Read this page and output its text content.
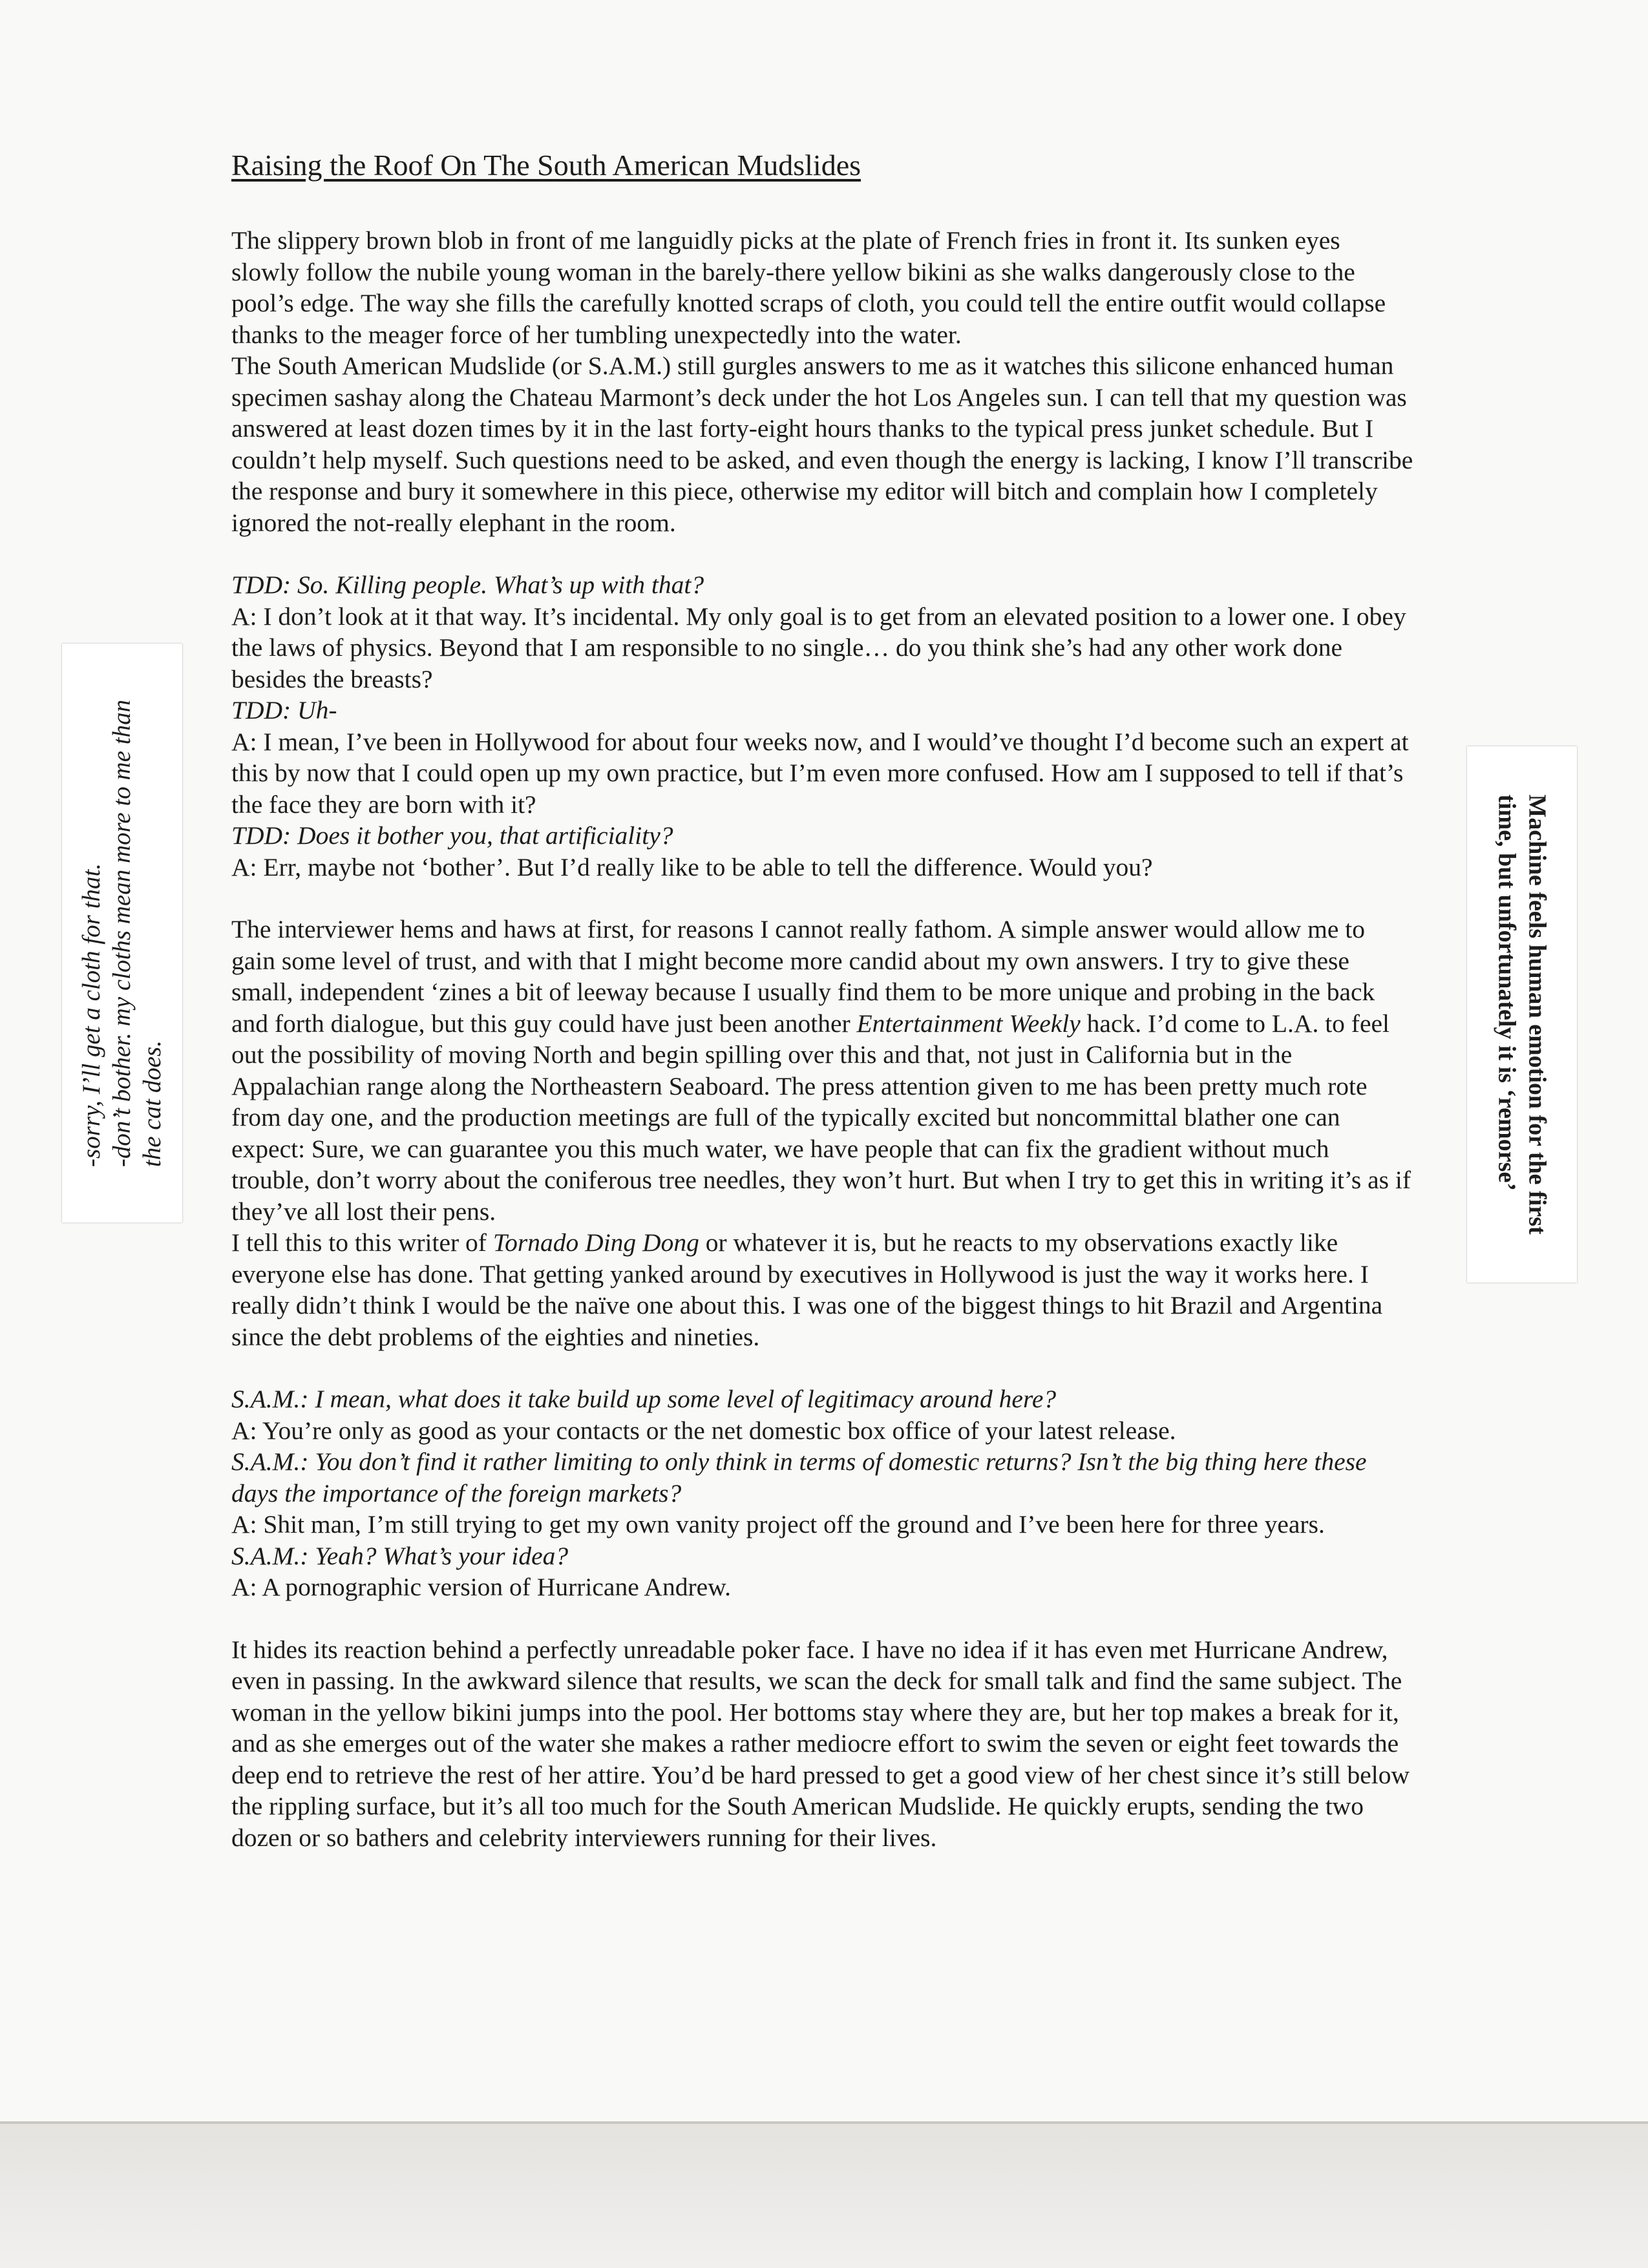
Raising the Roof On The South American Mudslides

The slippery brown blob in front of me languidly picks at the plate of French fries in front it. Its sunken eyes slowly follow the nubile young woman in the barely-there yellow bikini as she walks dangerously close to the pool’s edge. The way she fills the carefully knotted scraps of cloth, you could tell the entire outfit would collapse thanks to the meager force of her tumbling unexpectedly into the water.

The South American Mudslide (or S.A.M.) still gurgles answers to me as it watches this silicone enhanced human specimen sashay along the Chateau Marmont’s deck under the hot Los Angeles sun. I can tell that my question was answered at least dozen times by it in the last forty-eight hours thanks to the typical press junket schedule. But I couldn’t help myself. Such questions need to be asked, and even though the energy is lacking, I know I’ll transcribe the response and bury it somewhere in this piece, otherwise my editor will bitch and complain how I completely ignored the not-really elephant in the room.

TDD: So. Killing people. What’s up with that?

A: I don’t look at it that way. It’s incidental. My only goal is to get from an elevated position to a lower one. I obey the laws of physics. Beyond that I am responsible to no single… do you think she’s had any other work done besides the breasts?

TDD: Uh-

A: I mean, I’ve been in Hollywood for about four weeks now, and I would’ve thought I’d become such an expert at this by now that I could open up my own practice, but I’m even more confused. How am I supposed to tell if that’s the face they are born with it?

TDD: Does it bother you, that artificiality?

A: Err, maybe not ‘bother’. But I’d really like to be able to tell the difference. Would you?

The interviewer hems and haws at first, for reasons I cannot really fathom. A simple answer would allow me to gain some level of trust, and with that I might become more candid about my own answers. I try to give these small, independent ‘zines a bit of leeway because I usually find them to be more unique and probing in the back and forth dialogue, but this guy could have just been another Entertainment Weekly hack. I’d come to L.A. to feel out the possibility of moving North and begin spilling over this and that, not just in California but in the Appalachian range along the Northeastern Seaboard. The press attention given to me has been pretty much rote from day one, and the production meetings are full of the typically excited but noncommittal blather one can expect: Sure, we can guarantee you this much water, we have people that can fix the gradient without much trouble, don’t worry about the coniferous tree needles, they won’t hurt. But when I try to get this in writing it’s as if they’ve all lost their pens.

I tell this to this writer of Tornado Ding Dong or whatever it is, but he reacts to my observations exactly like everyone else has done. That getting yanked around by executives in Hollywood is just the way it works here. I really didn’t think I would be the naïve one about this. I was one of the biggest things to hit Brazil and Argentina since the debt problems of the eighties and nineties.

S.A.M.: I mean, what does it take build up some level of legitimacy around here?

A: You’re only as good as your contacts or the net domestic box office of your latest release.

S.A.M.: You don’t find it rather limiting to only think in terms of domestic returns? Isn’t the big thing here these days the importance of the foreign markets?

A: Shit man, I’m still trying to get my own vanity project off the ground and I’ve been here for three years.

S.A.M.: Yeah? What’s your idea?

A: A pornographic version of Hurricane Andrew.

It hides its reaction behind a perfectly unreadable poker face. I have no idea if it has even met Hurricane Andrew, even in passing. In the awkward silence that results, we scan the deck for small talk and find the same subject. The woman in the yellow bikini jumps into the pool. Her bottoms stay where they are, but her top makes a break for it, and as she emerges out of the water she makes a rather mediocre effort to swim the seven or eight feet towards the deep end to retrieve the rest of her attire. You’d be hard pressed to get a good view of her chest since it’s still below the rippling surface, but it’s all too much for the South American Mudslide. He quickly erupts, sending the two dozen or so bathers and celebrity interviewers running for their lives.

-sorry, I’ll get a cloth for that. -don’t bother. my cloths mean more to me than the cat does.	Machine feels human emotion for the first
time, but unfortunately it is ‘remorse’
